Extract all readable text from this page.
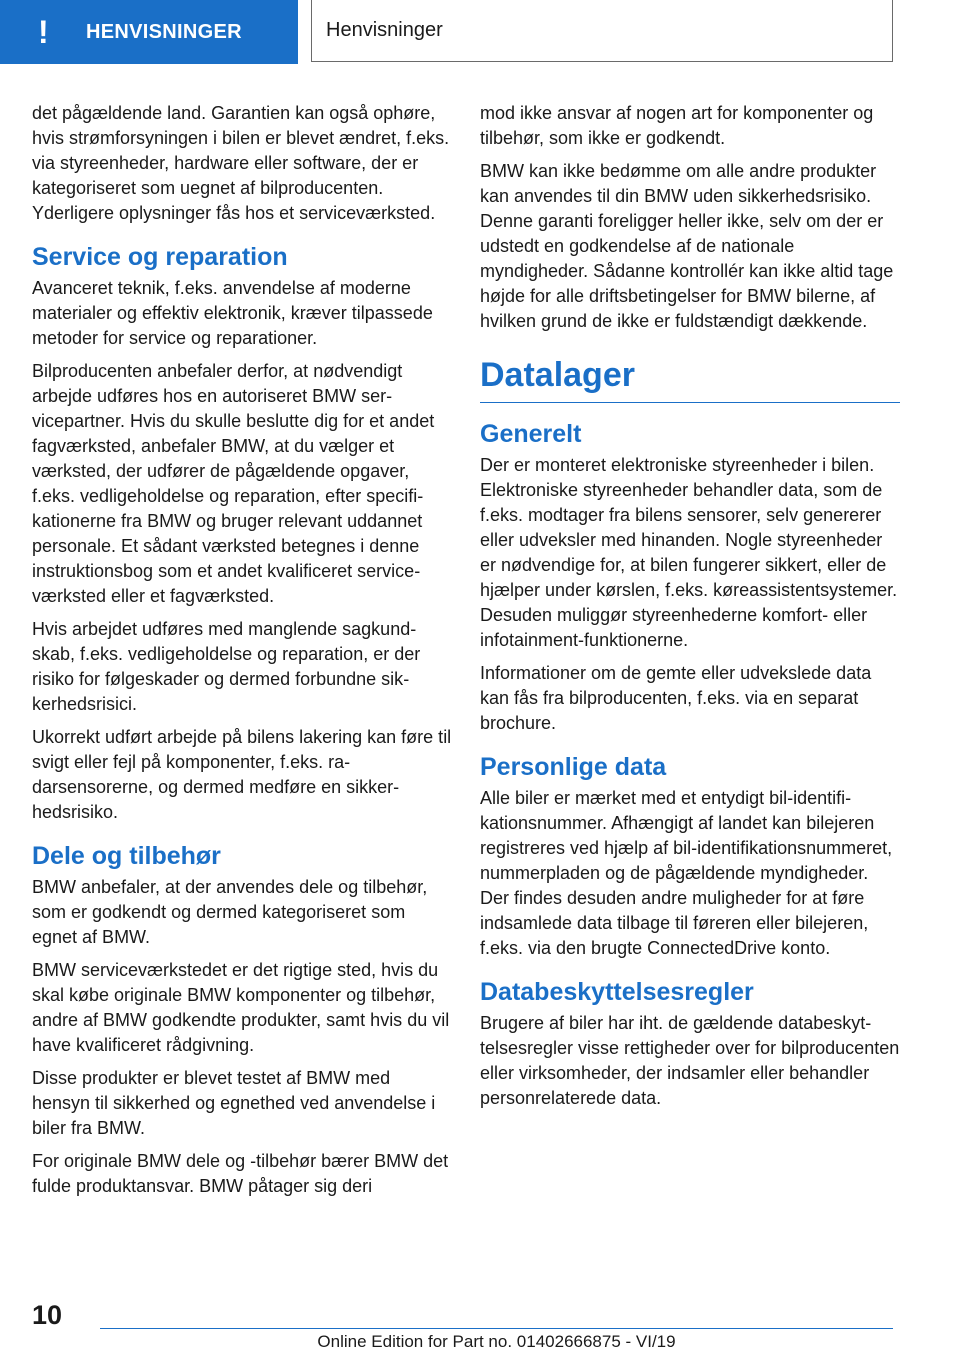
!	HENVISNINGER	Henvisninger

det pågældende land. Garantien kan også ophøre, hvis strømforsyningen i bilen er blevet ændret, f.eks. via styreenheder, hardware eller software, der er kategoriseret som uegnet af bilproducenten. Yderligere oplysninger fås hos et serviceværksted.

Service og reparation

Avanceret teknik, f.eks. anvendelse af moderne materialer og effektiv elektronik, kræver tilpassede metoder for service og reparationer.

Bilproducenten anbefaler derfor, at nødvendigt arbejde udføres hos en autoriseret BMW servicepartner. Hvis du skulle beslutte dig for et andet fagværksted, anbefaler BMW, at du vælger et værksted, der udfører de pågældende opgaver, f.eks. vedligeholdelse og reparation, efter specifikationerne fra BMW og bruger relevant uddannet personale. Et sådant værksted betegnes i denne instruktionsbog som et andet kvalificeret serviceværksted eller et fagværksted.

Hvis arbejdet udføres med manglende sagkundskab, f.eks. vedligeholdelse og reparation, er der risiko for følgeskader og dermed forbundne sikkerhedsrisici.

Ukorrekt udført arbejde på bilens lakering kan føre til svigt eller fejl på komponenter, f.eks. radarsensorerne, og dermed medføre en sikkerhedsrisiko.

Dele og tilbehør

BMW anbefaler, at der anvendes dele og tilbehør, som er godkendt og dermed kategoriseret som egnet af BMW.

BMW serviceværkstedet er det rigtige sted, hvis du skal købe originale BMW komponenter og tilbehør, andre af BMW godkendte produkter, samt hvis du vil have kvalificeret rådgivning.

Disse produkter er blevet testet af BMW med hensyn til sikkerhed og egnethed ved anvendelse i biler fra BMW.

For originale BMW dele og -tilbehør bærer BMW det fulde produktansvar. BMW påtager sig deri

mod ikke ansvar af nogen art for komponenter og tilbehør, som ikke er godkendt.

BMW kan ikke bedømme om alle andre produkter kan anvendes til din BMW uden sikkerhedsrisiko. Denne garanti foreligger heller ikke, selv om der er udstedt en godkendelse af de nationale myndigheder. Sådanne kontrollér kan ikke altid tage højde for alle driftsbetingelser for BMW bilerne, af hvilken grund de ikke er fuldstændigt dækkende.

Datalager
Generelt

Der er monteret elektroniske styreenheder i bilen. Elektroniske styreenheder behandler data, som de f.eks. modtager fra bilens sensorer, selv genererer eller udveksler med hinanden. Nogle styreenheder er nødvendige for, at bilen fungerer sikkert, eller de hjælper under kørslen, f.eks. køreassistentsystemer. Desuden muliggør styreenhederne komfort- eller infotainment-funktionerne.

Informationer om de gemte eller udvekslede data kan fås fra bilproducenten, f.eks. via en separat brochure.

Personlige data

Alle biler er mærket med et entydigt bil-identifikationsnummer. Afhængigt af landet kan bilejeren registreres ved hjælp af bil-identifikationsnummeret, nummerpladen og de pågældende myndigheder. Der findes desuden andre muligheder for at føre indsamlede data tilbage til føreren eller bilejeren, f.eks. via den brugte ConnectedDrive konto.

Databeskyttelsesregler

Brugere af biler har iht. de gældende databeskyttelsesregler visse rettigheder over for bilproducenten eller virksomheder, der indsamler eller behandler personrelaterede data.

10
Online Edition for Part no. 01402666875 - VI/19
